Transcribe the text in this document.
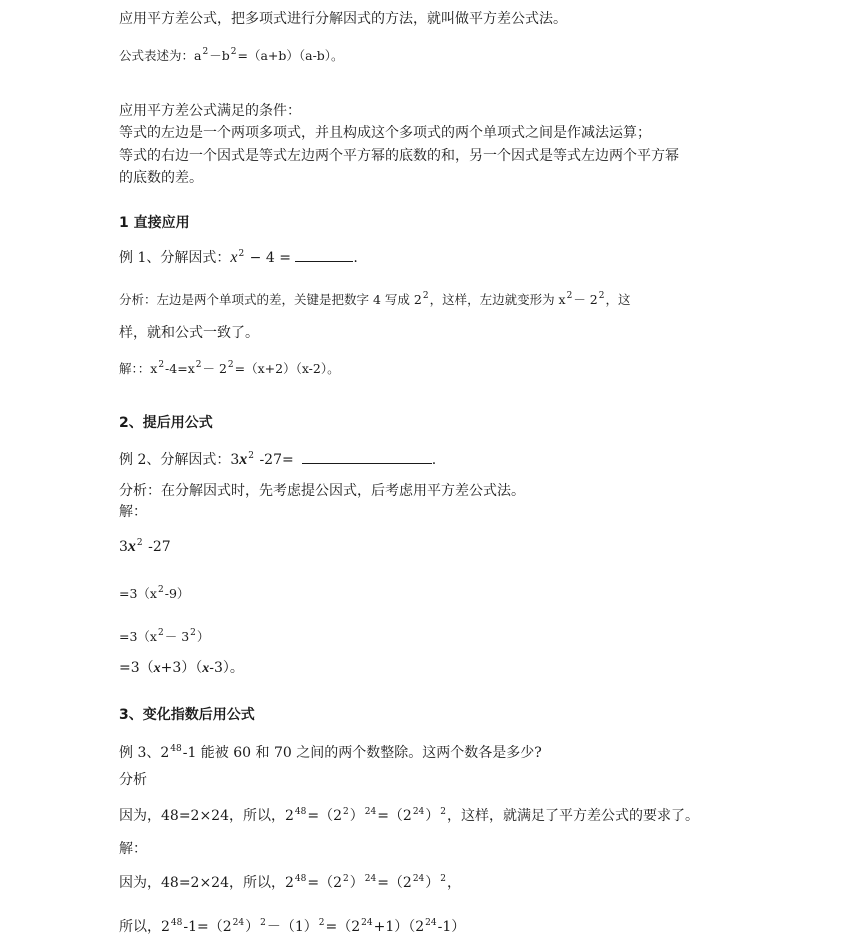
应用平方差公式，把多项式进行分解因式的方法，就叫做平方差公式法。

公式表述为：$a^2-b^2=(a+b)(a-b)$。

应用平方差公式满足的条件：

等式的左边是一个两项多项式，并且构成这个多项式的两个单项式之间是作减法运算；

等式的右边一个因式是等式左边两个平方幂的底数的和，另一个因式是等式左边两个平方幂

的底数的差。

1 直接应用

例 1、分解因式：$x^2 - 4$ =	.

分析：左边是两个单项式的差，关键是把数字 4 写成 $2^2$，这样，左边就变形为 $x^2- 2^2$，这

样，就和公式一致了。

解：：$x^2-4=x^2- 2^2=(x+2)(x-2)$。

2、提后用公式

例 2、分解因式：$3x^2$ -27=	.

分析：在分解因式时，先考虑提公因式，后考虑用平方差公式法。

解：

$3x^2$ -27

$=3(x^2-9)$

$=3(x^2- 3^2)$

=3（x+3）（x-3）。

3、变化指数后用公式

例 3、$2^{48}-1$ 能被 60 和 70 之间的两个数整除。这两个数各是多少?

分析

因为，48=2×24，所以，$2^{48}=(2^2)^{24}=(2^{24})^2$，这样，就满足了平方差公式的要求了。

解：

因为，48=2×24，所以，$2^{48}=(2^2)^{24}=(2^{24})^2$，

所以，$2^{48}-1=(2^{24})^2-(1)^2=(2^{24}+1)(2^{24}-1)$
